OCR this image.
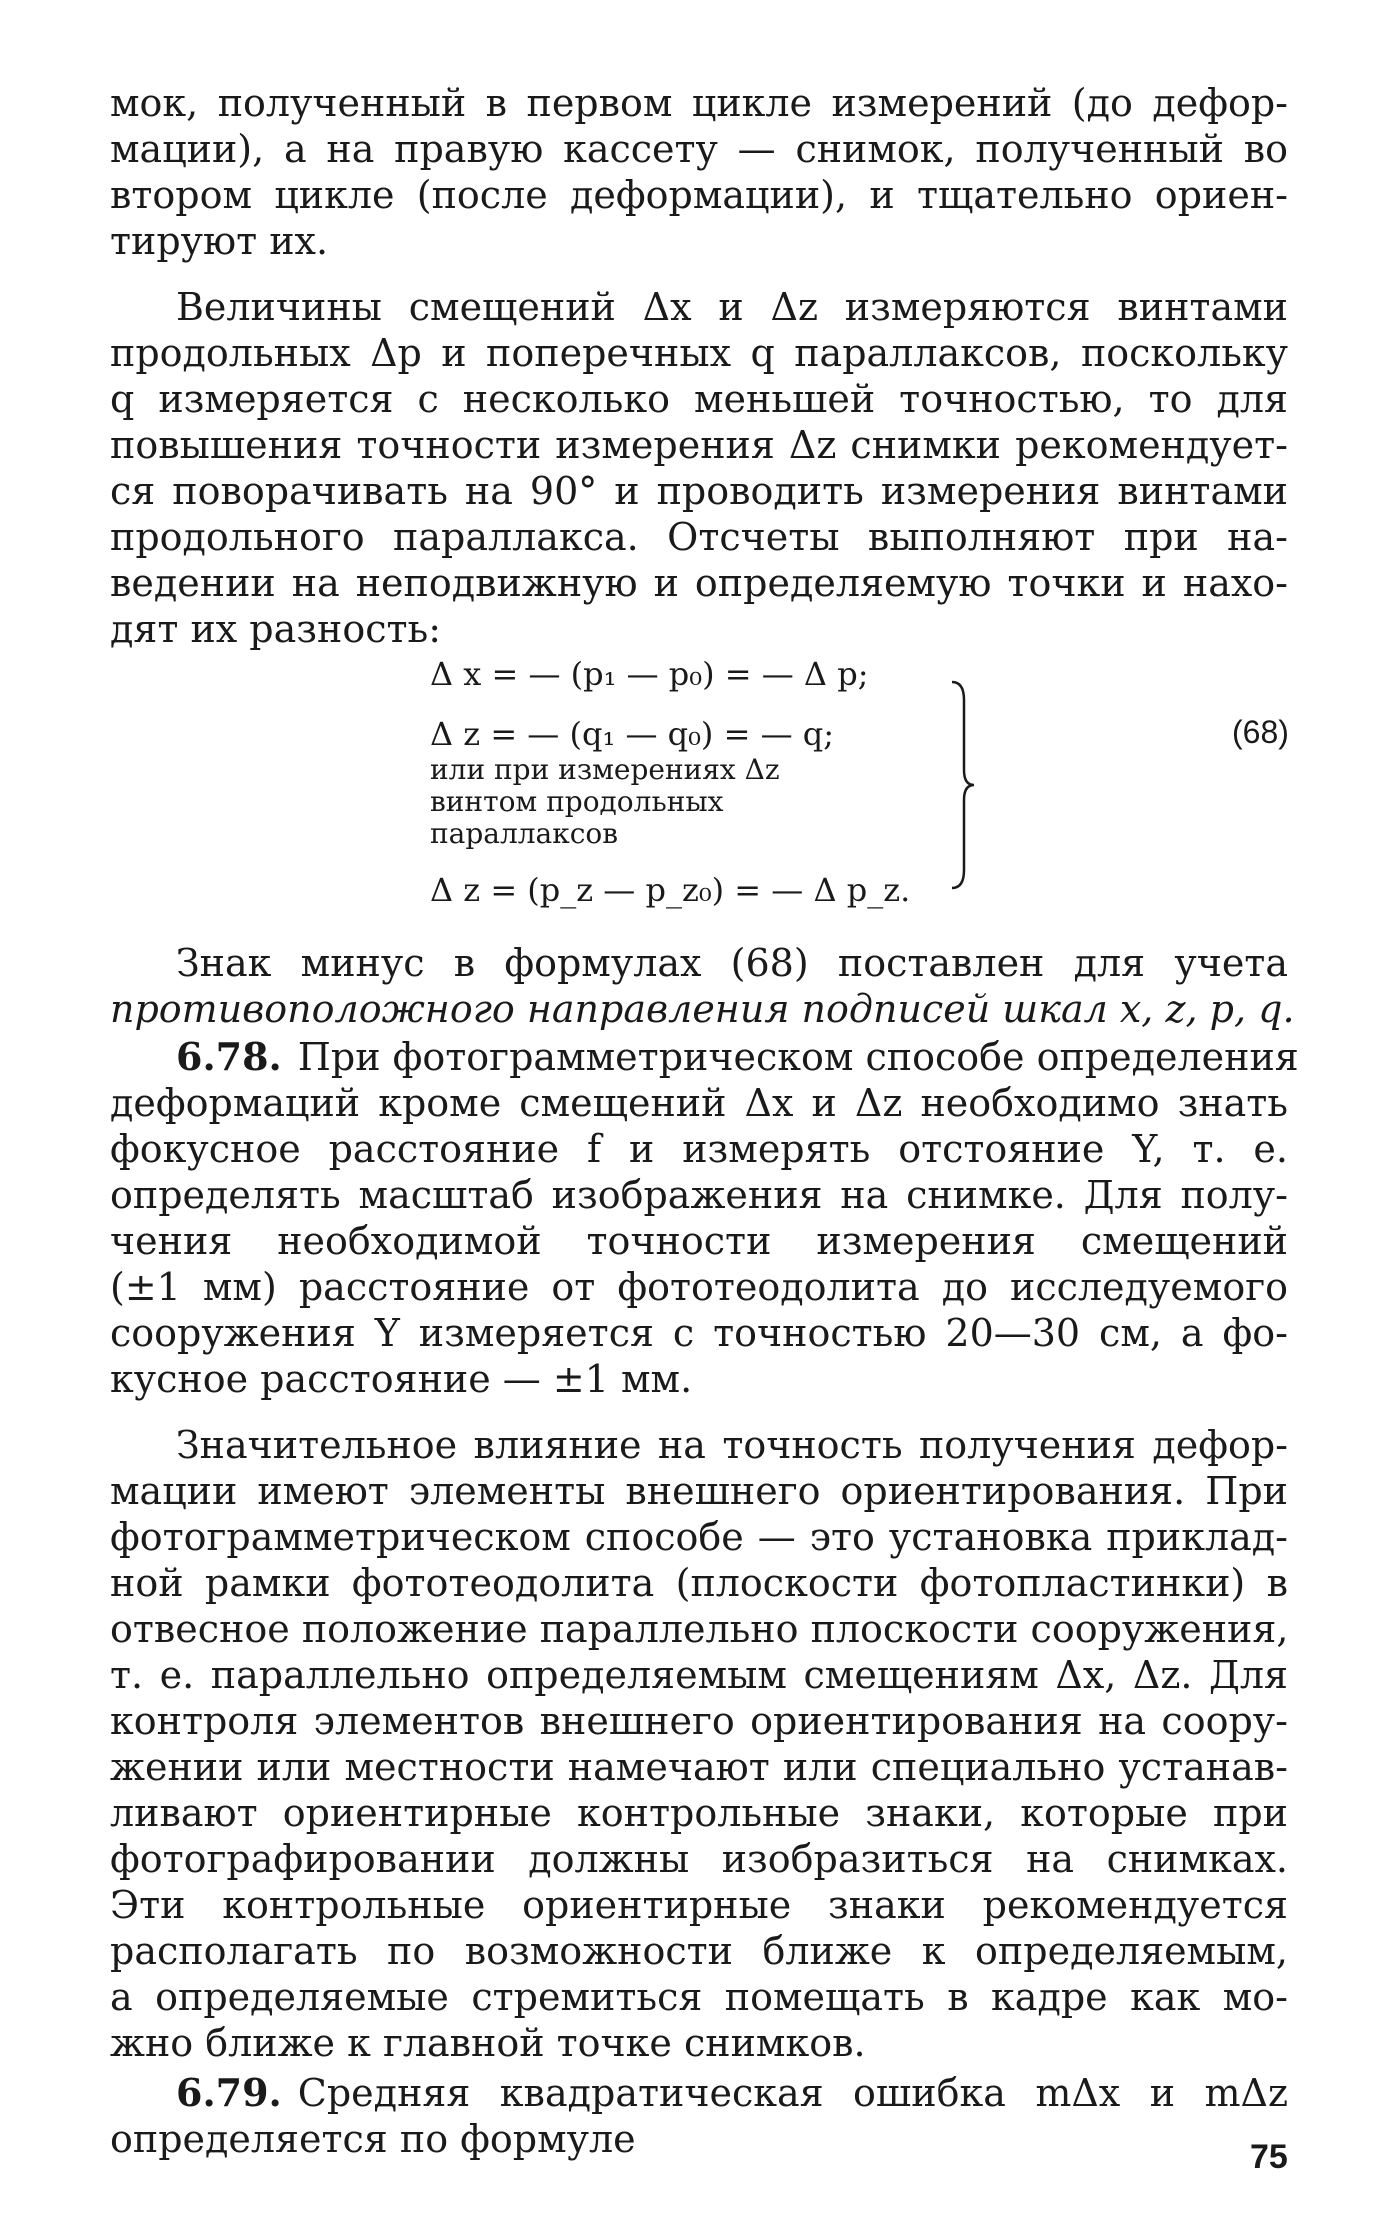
мок, полученный в первом цикле измерений (до дефор-
мации), а на правую кассету — снимок, полученный во
втором цикле (после деформации), и тщательно ориен-
тируют их.
Величины смещений Δx и Δz измеряются винтами
продольных Δp и поперечных q параллаксов, поскольку
q измеряется с несколько меньшей точностью, то для
повышения точности измерения Δz снимки рекомендует-
ся поворачивать на 90° и проводить измерения винтами
продольного параллакса. Отсчеты выполняют при на-
ведении на неподвижную и определяемую точки и нахо-
дят их разность:
Δ x = — (p₁ — p₀) = — Δ p;
Δ z = — (q₁ — q₀) = — q;
или при измерениях Δz
винтом продольных
параллаксов
Δ z = (p_z — p_z₀) = — Δ p_z.
(68)
Знак минус в формулах (68) поставлен для учета
противоположного направления подписей шкал x, z, p, q.
6.78. При фотограмметрическом способе определения
деформаций кроме смещений Δx и Δz необходимо знать
фокусное расстояние f и измерять отстояние Y, т. е.
определять масштаб изображения на снимке. Для полу-
чения необходимой точности измерения смещений
(±1 мм) расстояние от фототеодолита до исследуемого
сооружения Y измеряется с точностью 20—30 см, а фо-
кусное расстояние — ±1 мм.
Значительное влияние на точность получения дефор-
мации имеют элементы внешнего ориентирования. При
фотограмметрическом способе — это установка приклад-
ной рамки фототеодолита (плоскости фотопластинки) в
отвесное положение параллельно плоскости сооружения,
т. е. параллельно определяемым смещениям Δx, Δz. Для
контроля элементов внешнего ориентирования на соору-
жении или местности намечают или специально устанав-
ливают ориентирные контрольные знаки, которые при
фотографировании должны изобразиться на снимках.
Эти контрольные ориентирные знаки рекомендуется
располагать по возможности ближе к определяемым,
а определяемые стремиться помещать в кадре как мо-
жно ближе к главной точке снимков.
6.79. Средняя квадратическая ошибка mΔx и mΔz
определяется по формуле	75
